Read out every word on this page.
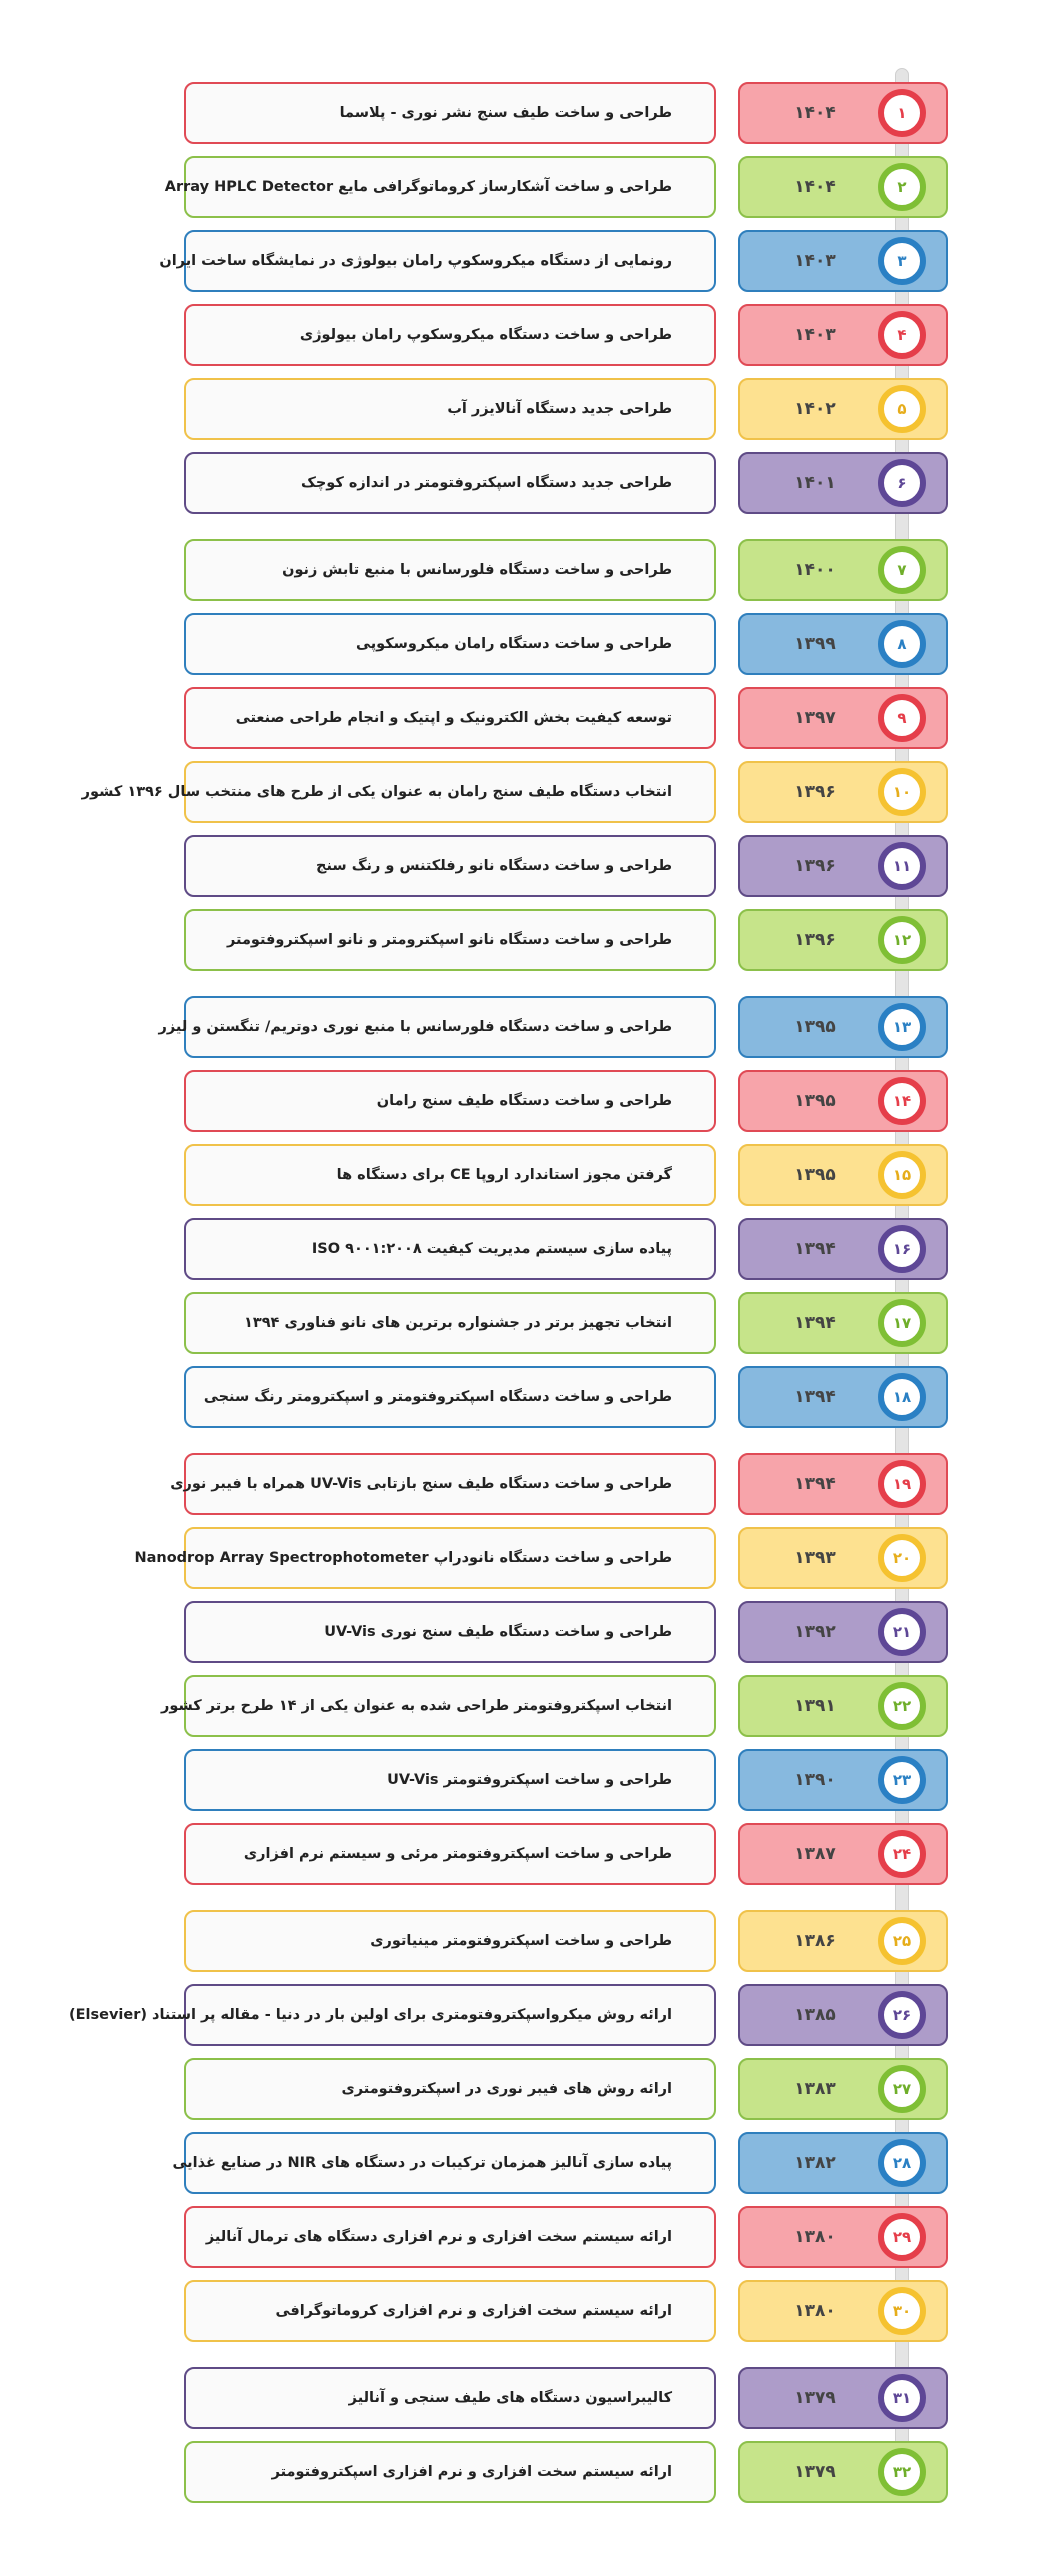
طراحی و ساخت طیف سنج نشر نوری - پلاسما	۱۴۰۴	۱
طراحی و ساخت آشکارساز کروماتوگرافی مایع Array HPLC Detector	۱۴۰۴	۲
رونمایی از دستگاه میکروسکوپ رامان بیولوژی در نمایشگاه ساخت ایران	۱۴۰۳	۳
طراحی و ساخت دستگاه میکروسکوپ رامان بیولوژی	۱۴۰۳	۴
طراحی جدید دستگاه آنالایزر آب	۱۴۰۲	۵
طراحی جدید دستگاه اسپکتروفتومتر در اندازه کوچک	۱۴۰۱	۶
طراحی و ساخت دستگاه فلورسانس با منبع تابش زنون	۱۴۰۰	۷
طراحی و ساخت دستگاه رامان میکروسکوپی	۱۳۹۹	۸
توسعه کیفیت بخش الکترونیک و اپتیک و انجام طراحی صنعتی	۱۳۹۷	۹
انتخاب دستگاه طیف سنج رامان به عنوان یکی از طرح های منتخب سال ۱۳۹۶ کشور	۱۳۹۶	۱۰
طراحی و ساخت دستگاه نانو رفلکتنس و رنگ سنج	۱۳۹۶	۱۱
طراحی و ساخت دستگاه نانو اسپکترومتر و نانو اسپکتروفتومتر	۱۳۹۶	۱۲
طراحی و ساخت دستگاه فلورسانس با منبع نوری دوتریم/ تنگستن و لیزر	۱۳۹۵	۱۳
طراحی و ساخت دستگاه طیف سنج رامان	۱۳۹۵	۱۴
گرفتن مجوز استاندارد اروپا CE برای دستگاه ها	۱۳۹۵	۱۵
پیاده سازی سیستم مدیریت کیفیت ISO ۹۰۰۱:۲۰۰۸	۱۳۹۴	۱۶
انتخاب تجهیز برتر در جشنواره برترین های نانو فناوری ۱۳۹۴	۱۳۹۴	۱۷
طراحی و ساخت دستگاه اسپکتروفتومتر و اسپکترومتر رنگ سنجی	۱۳۹۴	۱۸
طراحی و ساخت دستگاه طیف سنج بازتابی UV-Vis همراه با فیبر نوری	۱۳۹۴	۱۹
طراحی و ساخت دستگاه نانودراپ Nanodrop Array Spectrophotometer	۱۳۹۳	۲۰
طراحی و ساخت دستگاه طیف سنج نوری UV-Vis	۱۳۹۲	۲۱
انتخاب اسپکتروفتومتر طراحی شده به عنوان یکی از ۱۴ طرح برتر کشور	۱۳۹۱	۲۲
طراحی و ساخت اسپکتروفتومتر UV-Vis	۱۳۹۰	۲۳
طراحی و ساخت اسپکتروفتومتر مرئی و سیستم نرم افزاری	۱۳۸۷	۲۴
طراحی و ساخت اسپکتروفتومتر مینیاتوری	۱۳۸۶	۲۵
ارائه روش میکرواسپکتروفتومتری برای اولین بار در دنیا - مقاله پر استناد (Elsevier)	۱۳۸۵	۲۶
ارائه روش های فیبر نوری در اسپکتروفتومتری	۱۳۸۳	۲۷
پیاده سازی آنالیز همزمان ترکیبات در دستگاه های NIR در صنایع غذایی	۱۳۸۲	۲۸
ارائه سیستم سخت افزاری و نرم افزاری دستگاه های ترمال آنالیز	۱۳۸۰	۲۹
ارائه سیستم سخت افزاری و نرم افزاری کروماتوگرافی	۱۳۸۰	۳۰
کالیبراسیون دستگاه های طیف سنجی و آنالیز	۱۳۷۹	۳۱
ارائه سیستم سخت افزاری و نرم افزاری اسپکتروفتومتر	۱۳۷۹	۳۲
